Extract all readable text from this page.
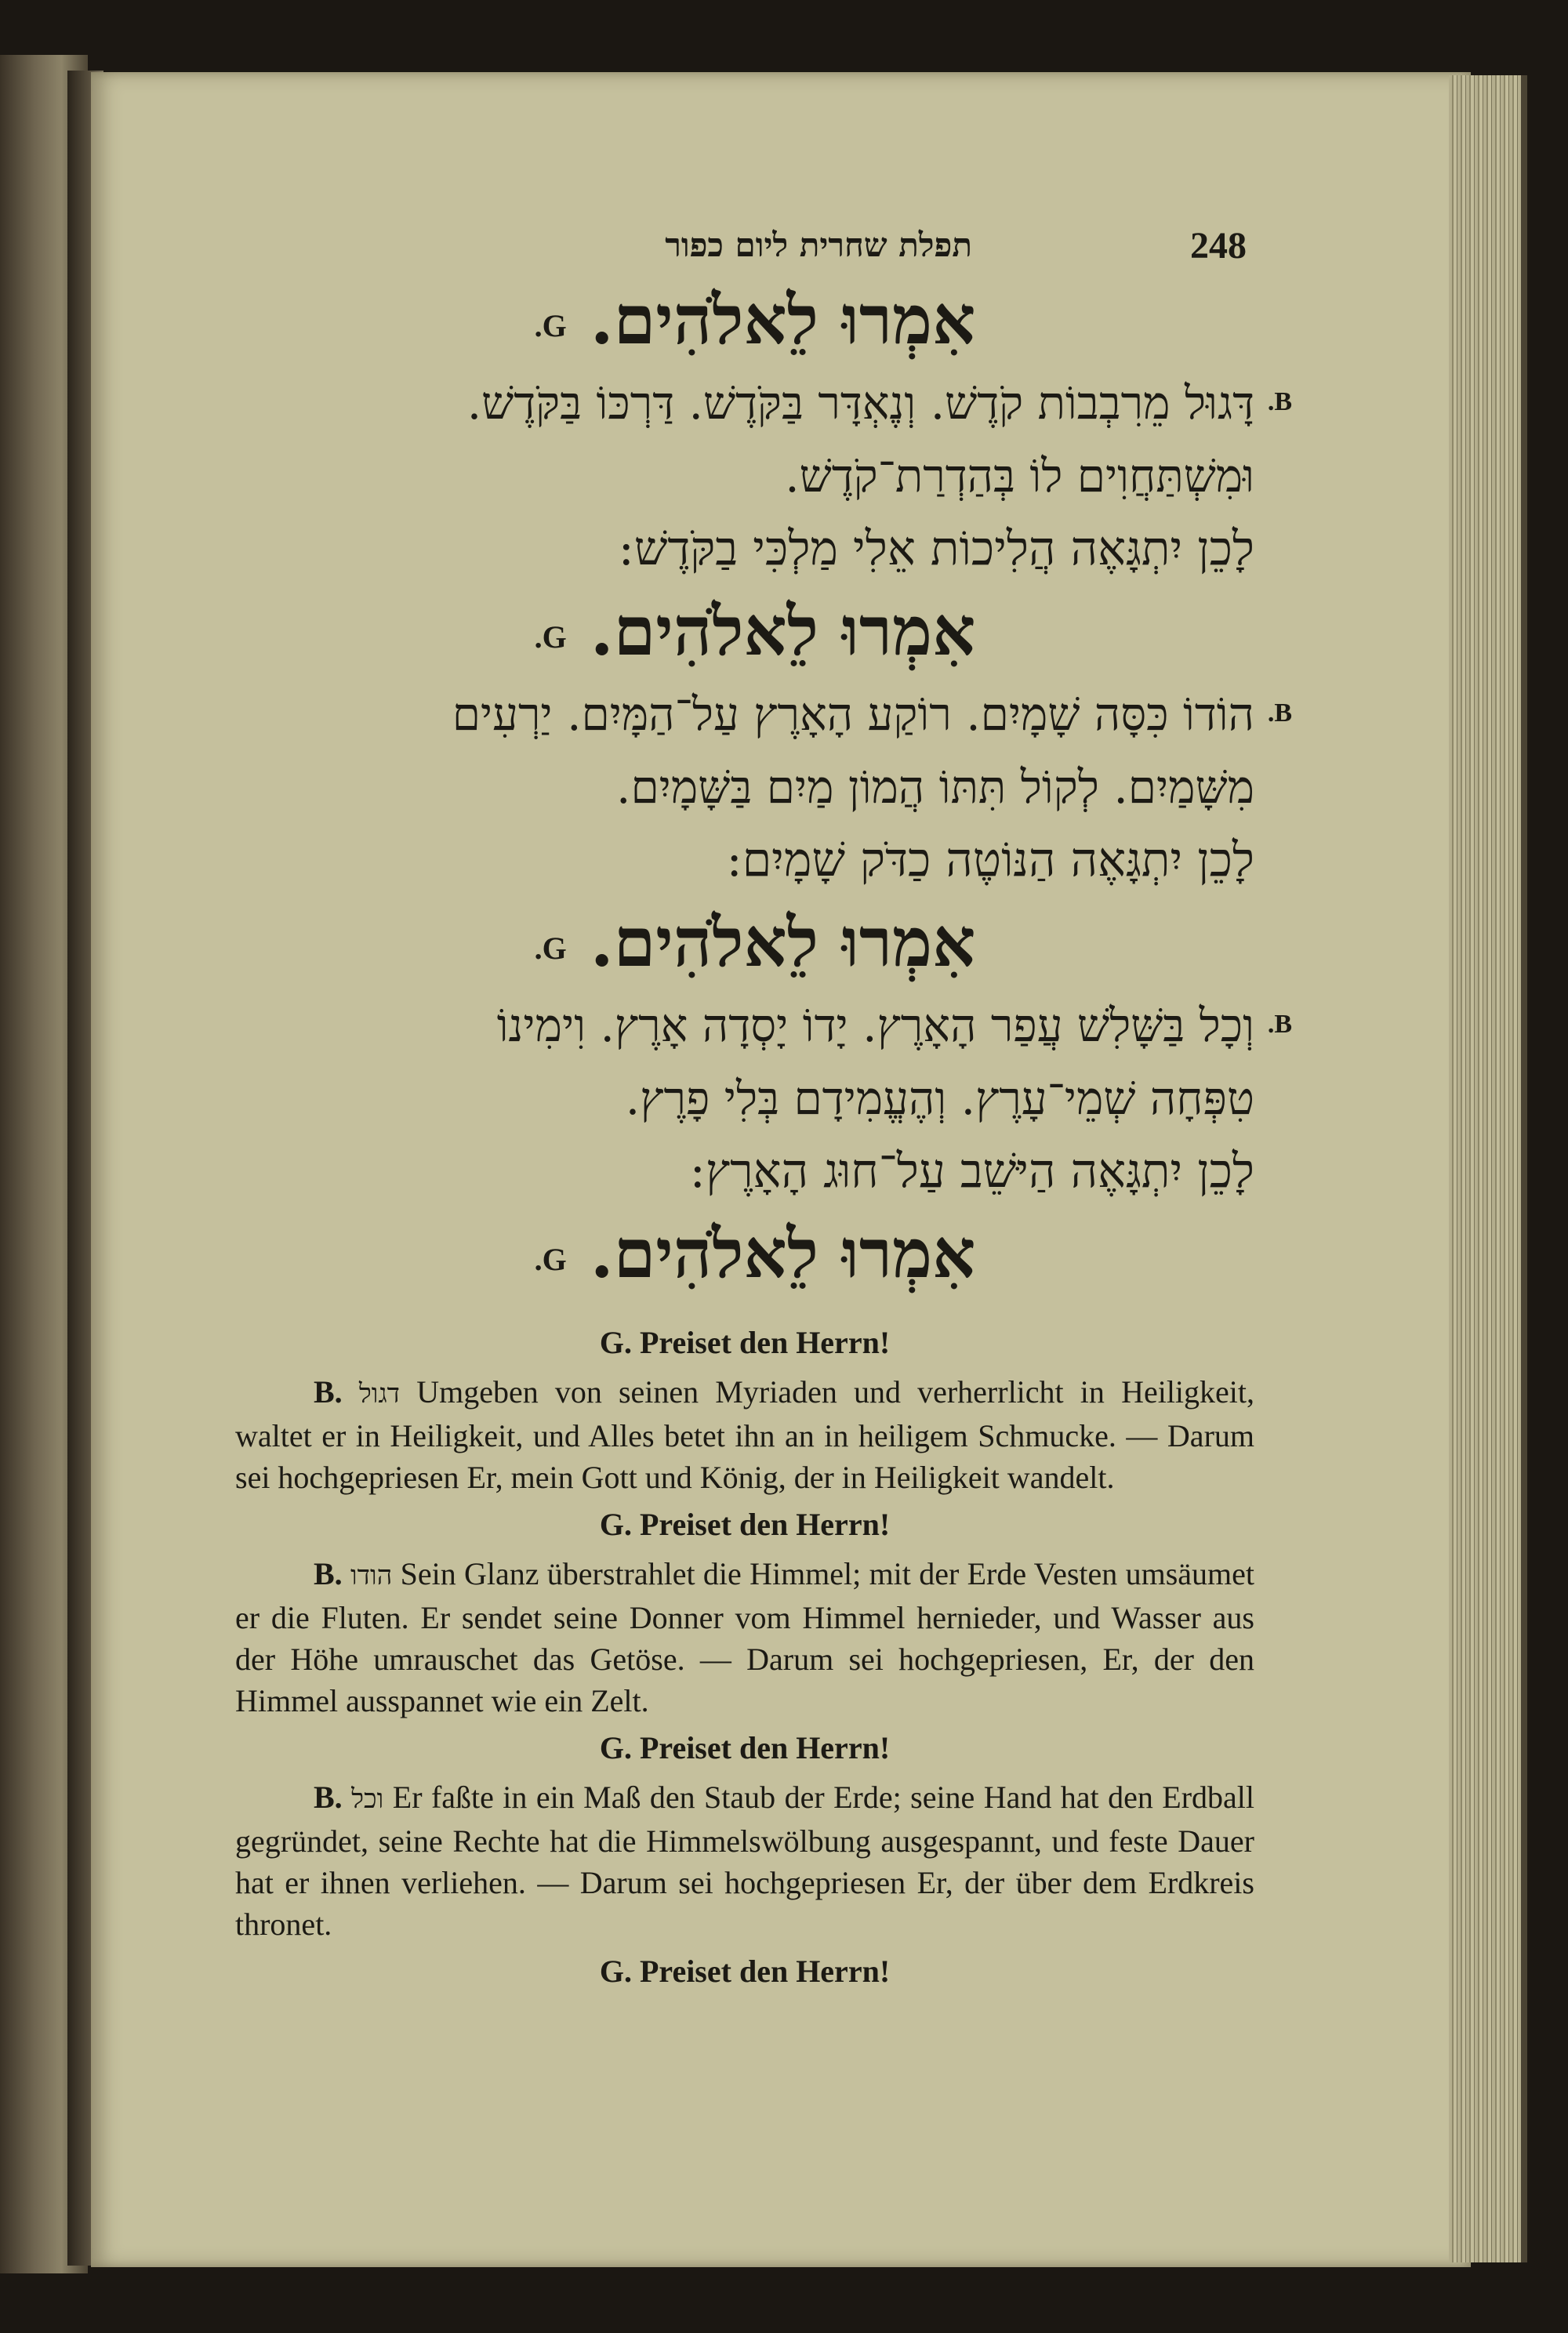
תפלת שחרית ליום כפור	248
אִמְרוּ לֵאלֹהִים. G.
B.
דָּגוּל מֵרִבְבוֹת קֹדֶשׁ. וְנֶאְדָּר בַּקֹּדֶשׁ. דַּרְכּוֹ בַּקֹּדֶשׁ.
וּמִשְׁתַּחֲוִים לוֹ בְּהַדְרַת־קֹדֶשׁ.
לָכֵן יִתְגָּאֶה הֲלִיכוֹת אֵלִי מַלְכִּי בַקֹּדֶשׁ:
אִמְרוּ לֵאלֹהִים. G.
B.
הוֹדוֹ כִּסָּה שָׁמָיִם. רוֹקַע הָאָרֶץ עַל־הַמָּיִם. יַרְעִים
מִשָּׁמַיִם. לְקוֹל תִּתּוֹ הֲמוֹן מַיִם בַּשָּׁמָיִם.
לָכֵן יִתְגָּאֶה הַנּוֹטֶה כַדֹּק שָׁמָיִם:
אִמְרוּ לֵאלֹהִים. G.
B.
וְכָל בַּשָּׁלִשׁ עֲפַר הָאָרֶץ. יָדוֹ יָסְדָה אָרֶץ. וִימִינוֹ
טִפְּחָה שְׁמֵי־עָרֶץ. וְהֶעֱמִידָם בְּלִי פָרֶץ.
לָכֵן יִתְגָּאֶה הַיּשֵׁב עַל־חוּג הָאָרֶץ:
אִמְרוּ לֵאלֹהִים. G.
G. Preiset den Herrn!

B. דגול Umgeben von seinen Myriaden und verherrlicht in Heiligkeit, waltet er in Heiligkeit, und Alles betet ihn an in heiligem Schmucke. — Darum sei hochgepriesen Er, mein Gott und König, der in Heiligkeit wandelt.

G. Preiset den Herrn!

B. הודו Sein Glanz überstrahlet die Himmel; mit der Erde Vesten umsäumet er die Fluten. Er sendet seine Donner vom Himmel hernieder, und Wasser aus der Höhe umrauschet das Getöse. — Darum sei hochgepriesen, Er, der den Himmel ausspannet wie ein Zelt.

G. Preiset den Herrn!

B. וכל Er faßte in ein Maß den Staub der Erde; seine Hand hat den Erdball gegründet, seine Rechte hat die Himmelswölbung ausgespannt, und feste Dauer hat er ihnen verliehen. — Darum sei hochgepriesen Er, der über dem Erdkreis thronet.

G. Preiset den Herrn!
